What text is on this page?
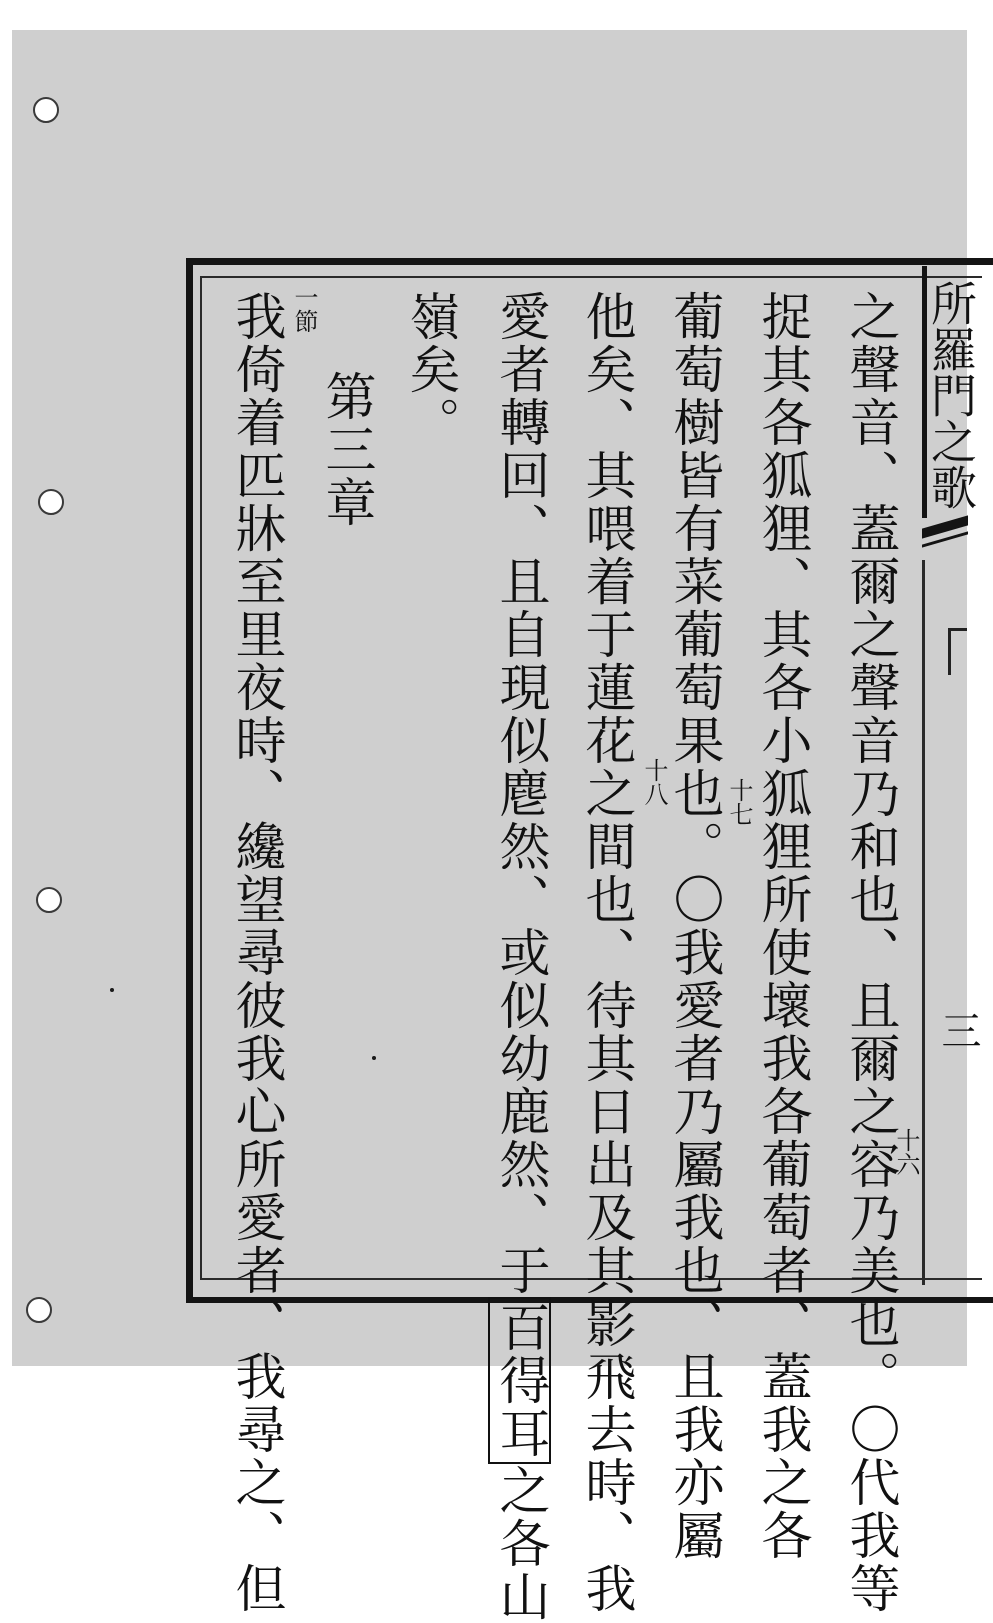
所羅門之歌
三
之聲音、蓋爾之聲音乃和也、且爾之容乃美也。〇代我等
十六
捉其各狐狸、其各小狐狸所使壞我各葡萄者、蓋我之各
葡萄樹皆有菜葡萄果也。〇我愛者乃屬我也、且我亦屬 十七
他矣、其喂着于蓮花之間也、待其日出及其影飛去時、我 十八
愛者轉回、且自現似麀然、或似幼鹿然、于百得耳之各山
嶺矣。
第三章
一節
我倚着匹牀至里夜時、纔望尋彼我心所愛者、我尋之、但
